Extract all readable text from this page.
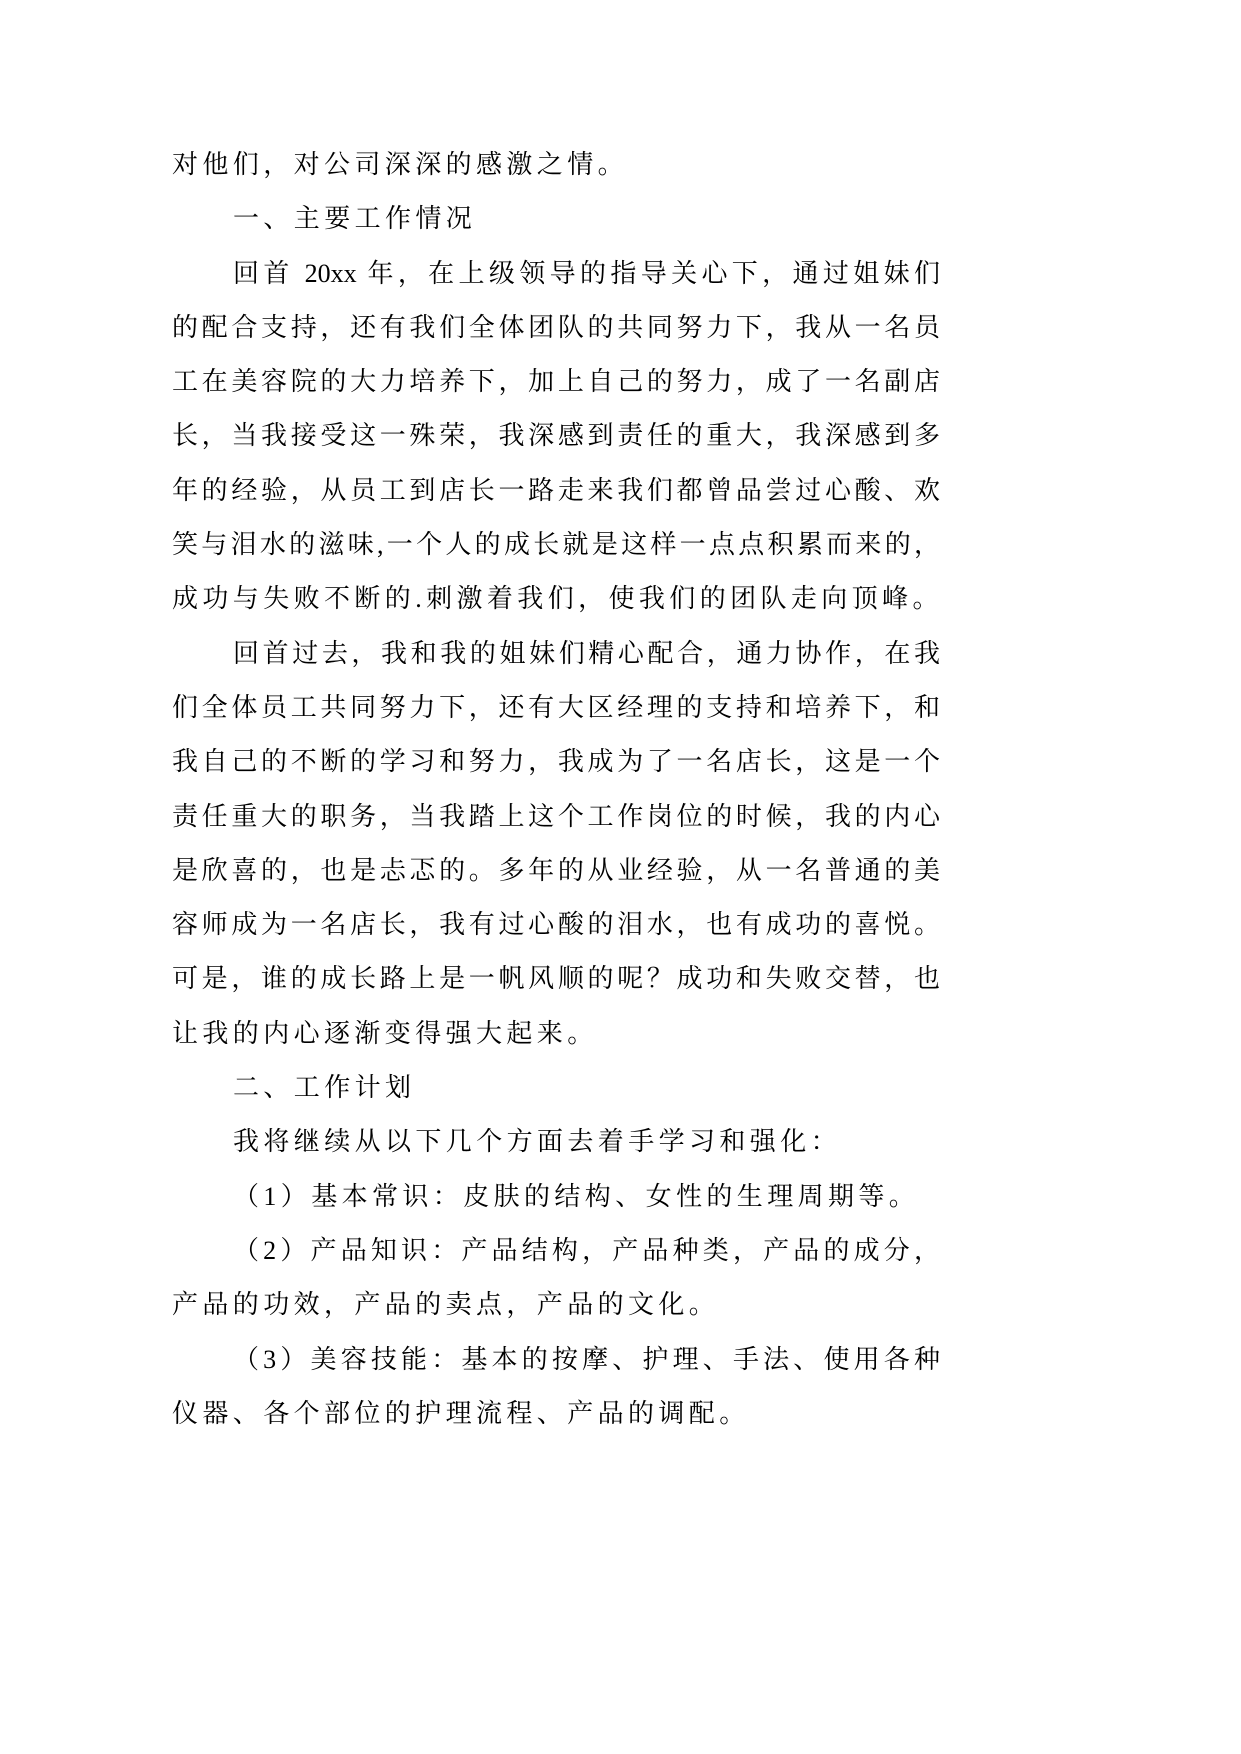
对他们，对公司深深的感激之情。
一、主要工作情况
回首 20xx 年，在上级领导的指导关心下，通过姐妹们
的配合支持，还有我们全体团队的共同努力下，我从一名员
工在美容院的大力培养下，加上自己的努力，成了一名副店
长，当我接受这一殊荣，我深感到责任的重大，我深感到多
年的经验，从员工到店长一路走来我们都曾品尝过心酸、欢
笑与泪水的滋味,一个人的成长就是这样一点点积累而来的，
成功与失败不断的.刺激着我们，使我们的团队走向顶峰。
回首过去，我和我的姐妹们精心配合，通力协作，在我
们全体员工共同努力下，还有大区经理的支持和培养下，和
我自己的不断的学习和努力，我成为了一名店长，这是一个
责任重大的职务，当我踏上这个工作岗位的时候，我的内心
是欣喜的，也是忐忑的。多年的从业经验，从一名普通的美
容师成为一名店长，我有过心酸的泪水，也有成功的喜悦。
可是，谁的成长路上是一帆风顺的呢？成功和失败交替，也
让我的内心逐渐变得强大起来。
二、工作计划
我将继续从以下几个方面去着手学习和强化：
（1）基本常识：皮肤的结构、女性的生理周期等。
（2）产品知识：产品结构，产品种类，产品的成分，
产品的功效，产品的卖点，产品的文化。
（3）美容技能：基本的按摩、护理、手法、使用各种
仪器、各个部位的护理流程、产品的调配。
